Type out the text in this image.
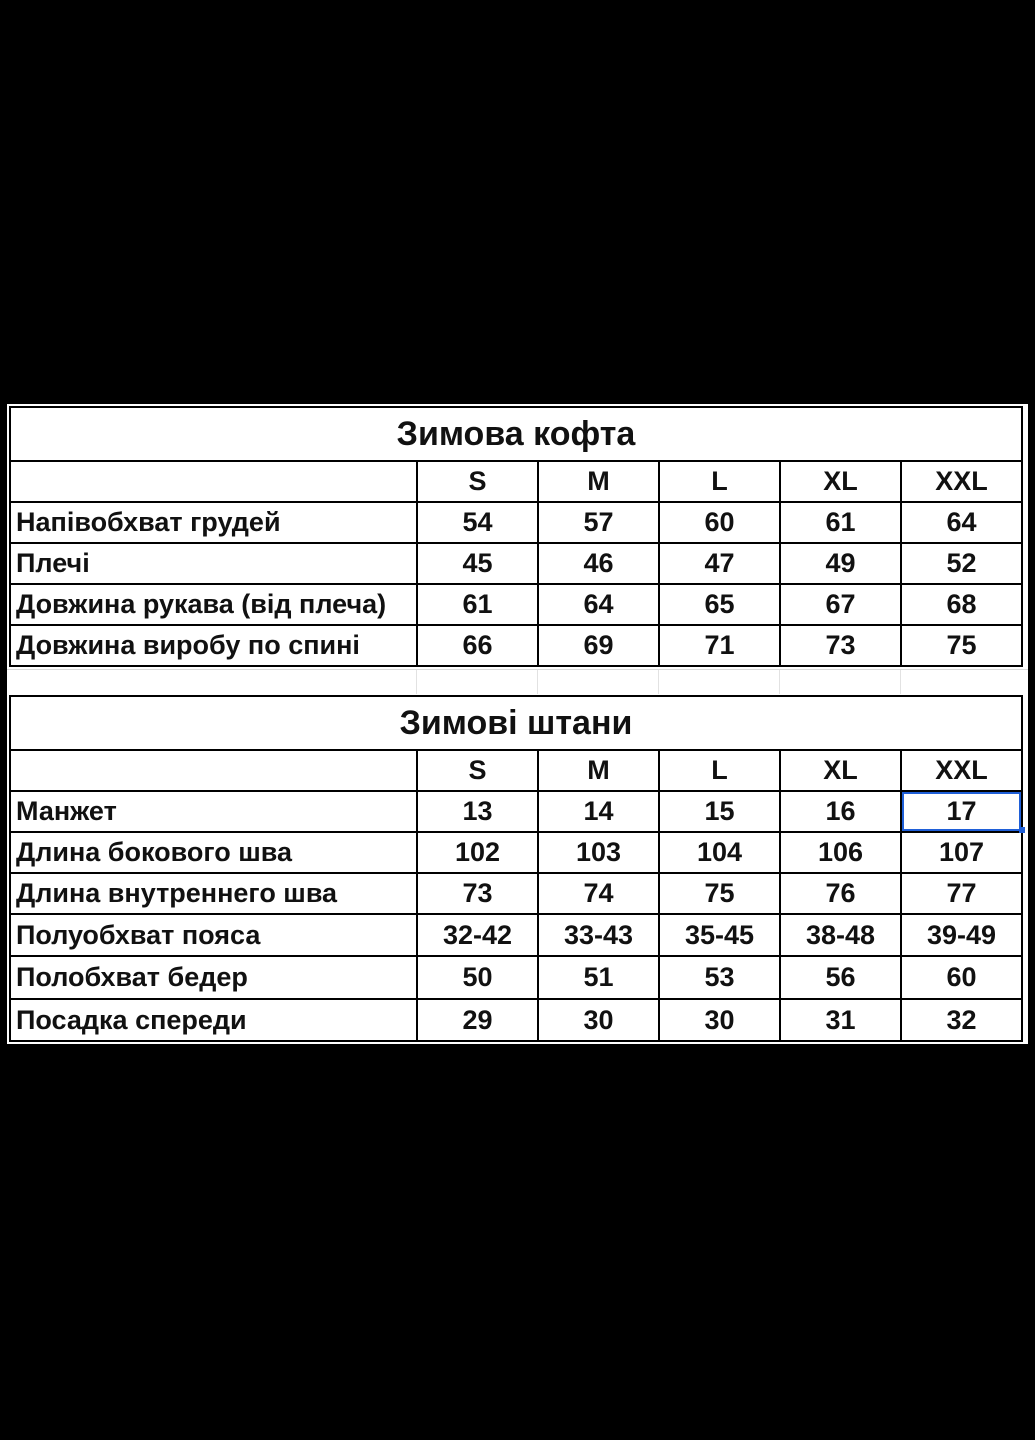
Зимова кофта					
	S	M	L	XL	XXL
Напівобхват грудей	54	57	60	61	64
Плечі	45	46	47	49	52
Довжина рукава (від плеча)	61	64	65	67	68
Довжина виробу по спині	66	69	71	73	75
Зимові штани					
	S	M	L	XL	XXL
Манжет	13	14	15	16	17
Длина бокового шва	102	103	104	106	107
Длина внутреннего шва	73	74	75	76	77
Полуобхват пояса	32-42	33-43	35-45	38-48	39-49
Полобхват бедер	50	51	53	56	60
Посадка спереди	29	30	30	31	32
